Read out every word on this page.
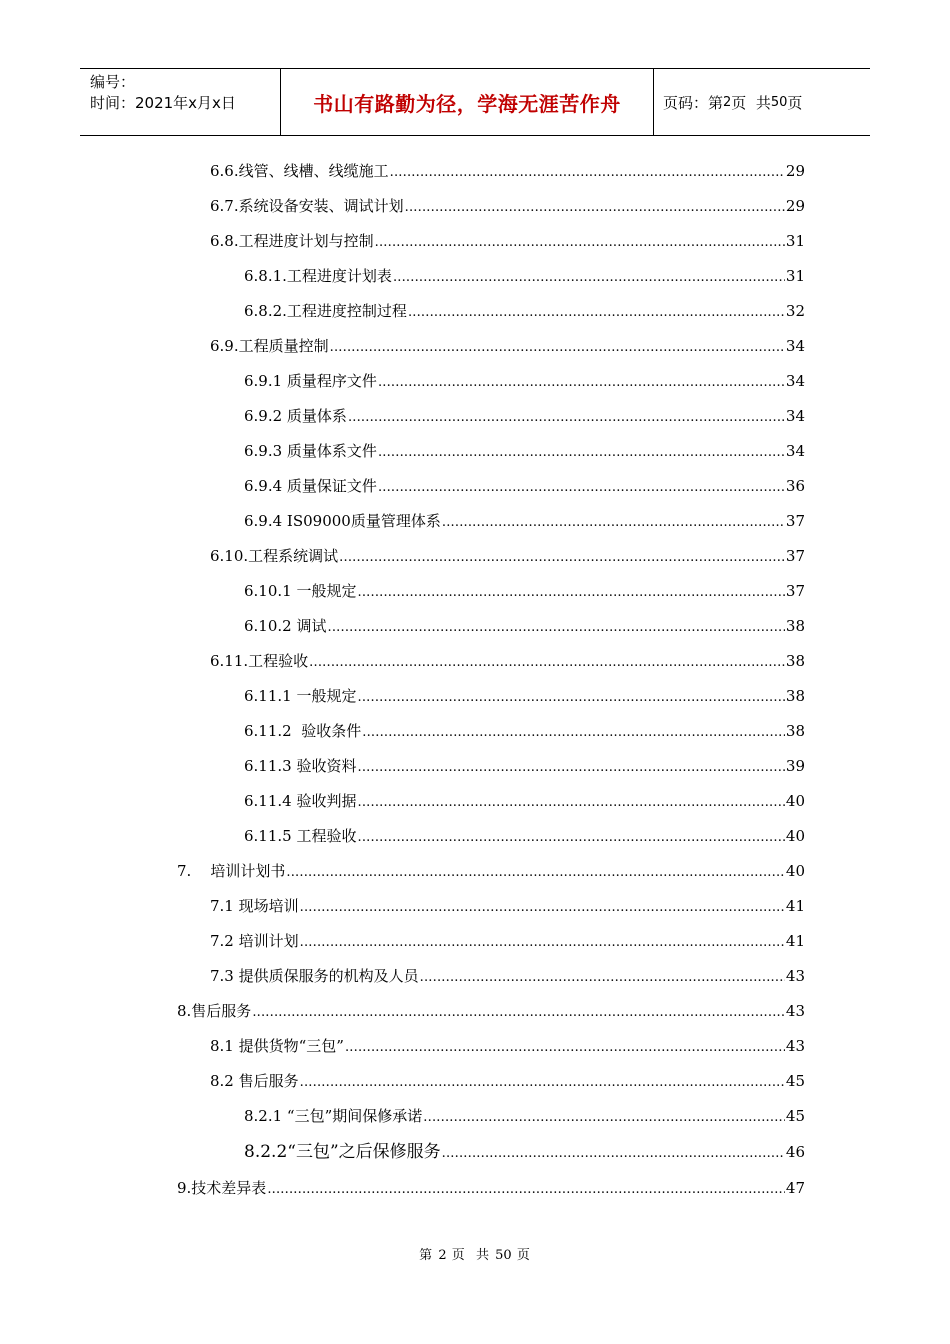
编号：
时间：2021年x月x日	书山有路勤为径，学海无涯苦作舟	页码：第 2 页  共 50 页
6.6.线管、线槽、线缆施工 .....	29
6.7.系统设备安装、调试计划 .....	29
6.8.工程进度计划与控制 .....	31
6.8.1.工程进度计划表 .....	31
6.8.2.工程进度控制过程 .....	32
6.9.工程质量控制 .....	34
6.9.1 质量程序文件 .....	34
6.9.2 质量体系 .....	34
6.9.3 质量体系文件 .....	34
6.9.4 质量保证文件 .....	36
6.9.4 IS09000质量管理体系 .....	37
6.10.工程系统调试 .....	37
6.10.1 一般规定 .....	37
6.10.2 调试 .....	38
6.11.工程验收 .....	38
6.11.1 一般规定 .....	38
6.11.2  验收条件 .....	38
6.11.3 验收资料 .....	39
6.11.4 验收判据 .....	40
6.11.5 工程验收 .....	40
7.    培训计划书 .....	40
7.1 现场培训 .....	41
7.2 培训计划 .....	41
7.3 提供质保服务的机构及人员 .....	43
8.售后服务 .....	43
8.1 提供货物“三包” .....	43
8.2 售后服务 .....	45
8.2.1 “三包”期间保修承诺 .....	45
8.2.2“三包”之后保修服务 .....	46
9.技术差异表 .....	47
第 2 页  共 50 页
